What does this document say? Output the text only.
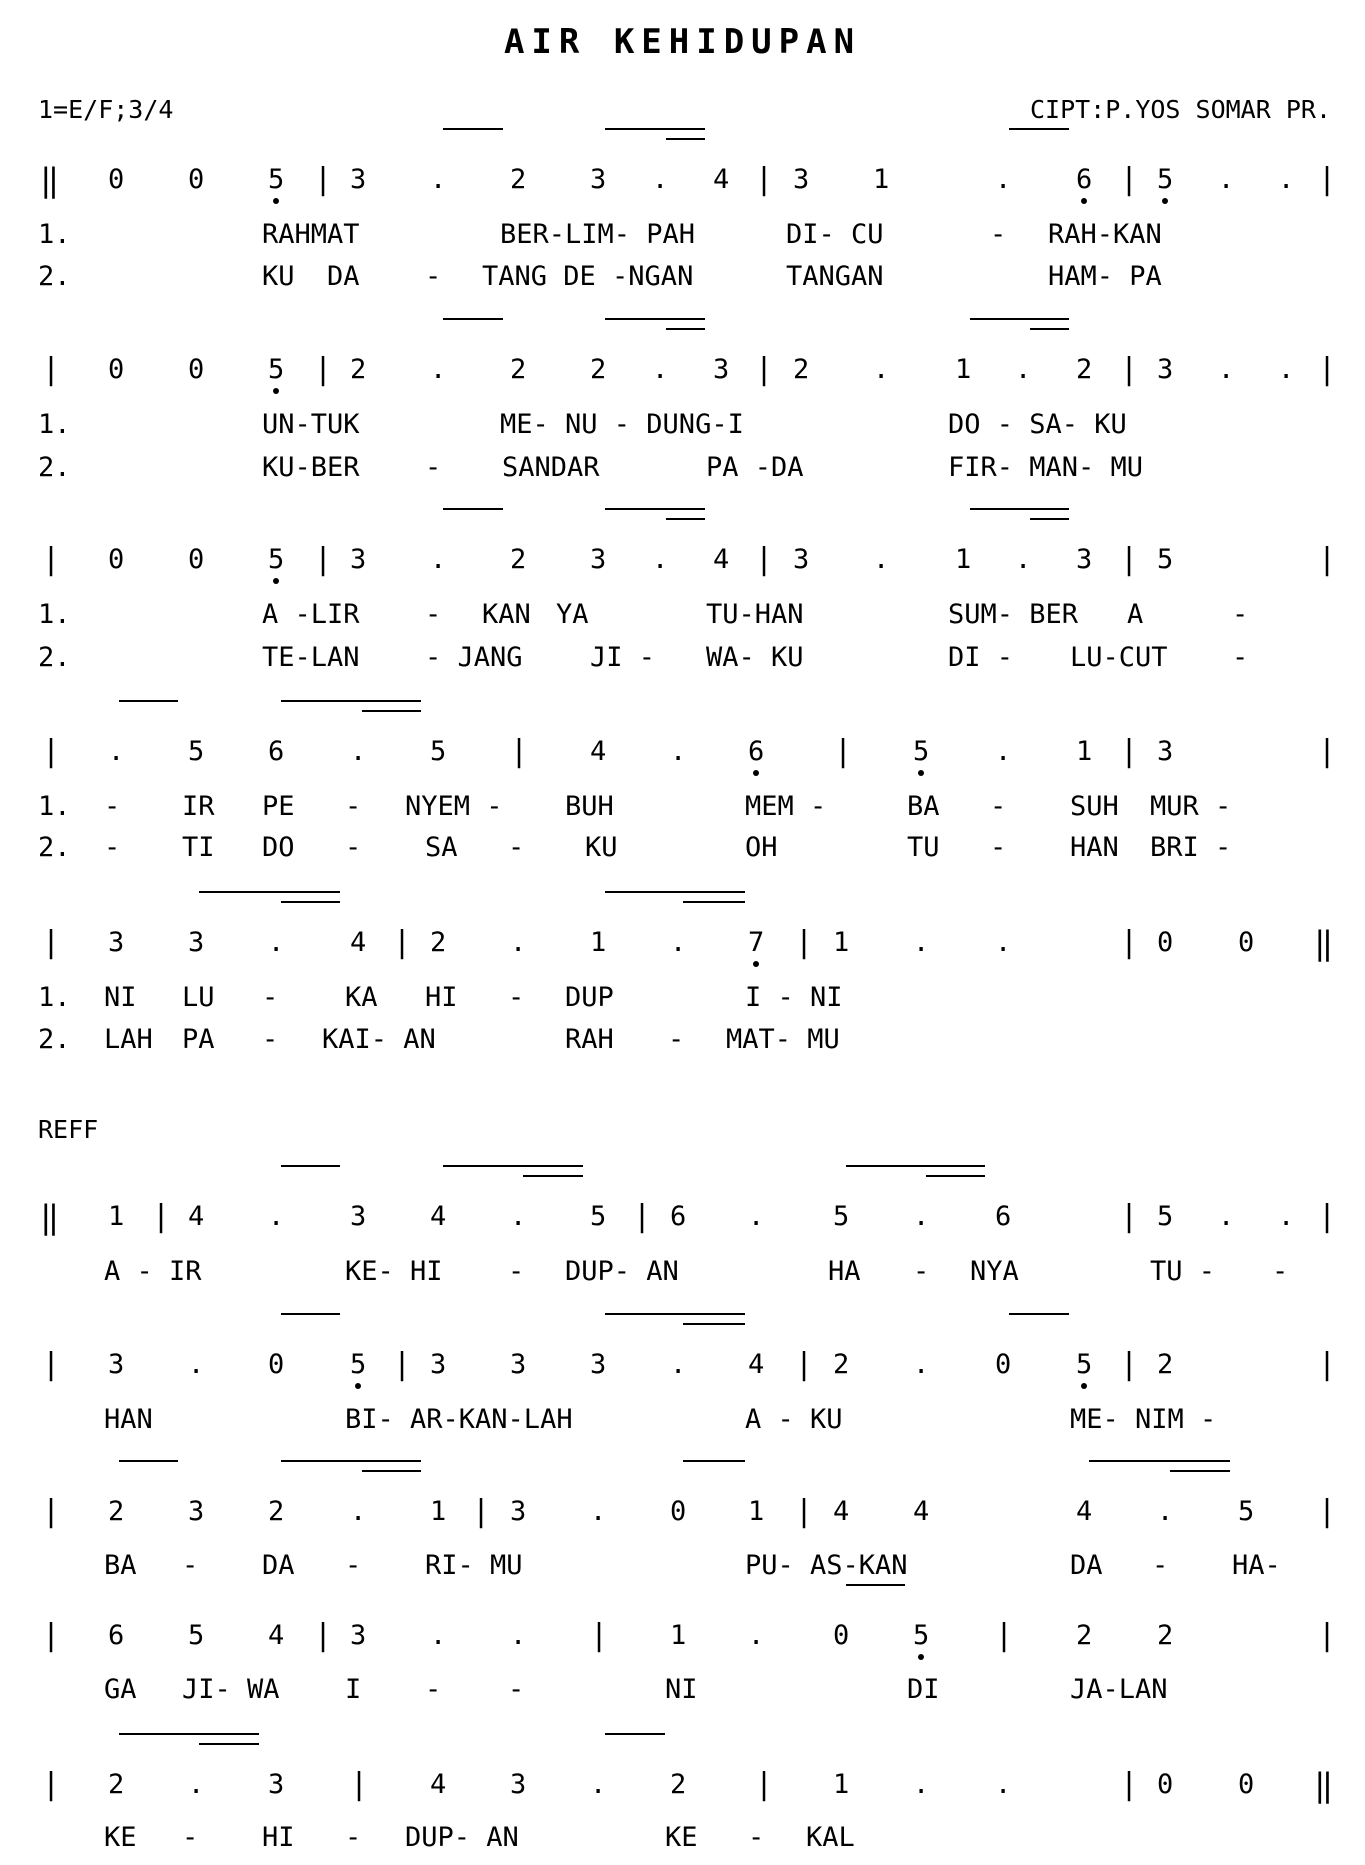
AIR KEHIDUPAN
1=E/F;3/4	CIPT:P.YOS SOMAR PR.
REFF
‖ 0 0 5 | 3 . 2 3 . 4 | 3 1	. 6 | 5 . . |
1.	RAHMAT	BER-LIM- PAH	DI- CU	- RAH-KAN
2.	KU  DA - TANG DE -NGAN	TANGAN	HAM- PA
| 0 0 5 | 2 . 2 2 . 3 | 2 . 1 . 2 | 3 . . |
1.	UN-TUK	ME- NU - DUNG-I	DO - SA- KU
2.	KU-BER - SANDAR	PA -DA	FIR- MAN- MU
| 0 0 5 | 3 . 2 3 . 4 | 3 . 1 . 3 | 5	|
1.	A -LIR - KAN YA	TU-HAN	SUM- BER A	-
2.	TE-LAN - JANG JI - WA- KU	DI - LU-CUT -
| . 5 6 . 5 | 4 . 6 | 5 . 1 | 3	|
1. - IR PE - NYEM - BUH	MEM -	BA - SUH MUR -
2. - TI DO - SA - KU	OH	TU - HAN BRI -
| 3 3 . 4 | 2 . 1 . 7 | 1 . .	| 0 0 ‖
1. NI LU - KA HI - DUP	I - NI
2. LAH PA - KAI- AN	RAH - MAT- MU
‖ 1 | 4 . 3 4 . 5 | 6 .	5 . 6	| 5 . . |
A - IR	KE- HI - DUP- AN	HA - NYA	TU - -
| 3 . 0 5 | 3 3 3 . 4 | 2 . 0 5 | 2	|
HAN	BI- AR-KAN-LAH	A - KU	ME- NIM -
| 2 3 2 . 1 | 3 . 0 1 | 4 4	4 . 5 |
BA - DA - RI- MU	PU- AS-KAN	DA - HA-
| 6 5 4 | 3 . . | 1 .	0 5 | 2 2	|
GA JI- WA I - -	NI	DI	JA-LAN
| 2 . 3 | 4 3 . 2 | 1 . .	| 0 0 ‖
KE - HI - DUP- AN	KE - KAL
